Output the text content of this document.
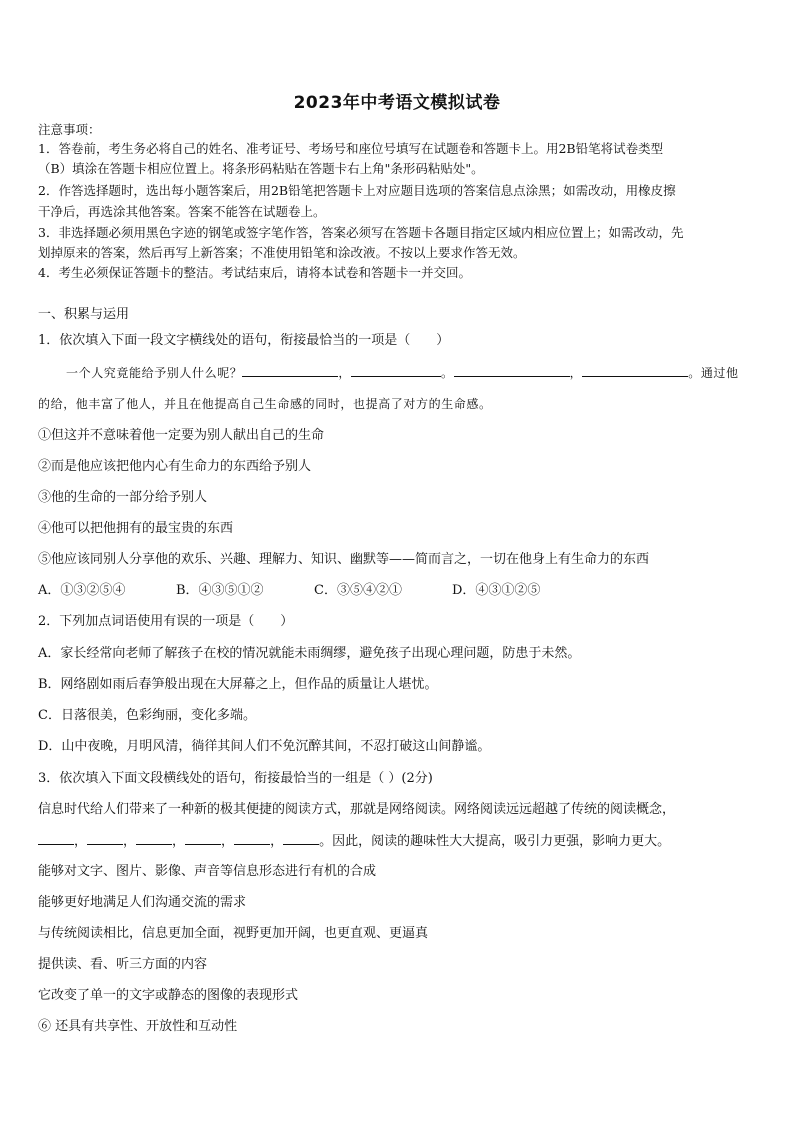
2023年中考语文模拟试卷
注意事项：
1．答卷前，考生务必将自己的姓名、准考证号、考场号和座位号填写在试题卷和答题卡上。用2B铅笔将试卷类型
（B）填涂在答题卡相应位置上。将条形码粘贴在答题卡右上角"条形码粘贴处"。
2．作答选择题时，选出每小题答案后，用2B铅笔把答题卡上对应题目选项的答案信息点涂黑；如需改动，用橡皮擦
干净后，再选涂其他答案。答案不能答在试题卷上。
3．非选择题必须用黑色字迹的钢笔或签字笔作答，答案必须写在答题卡各题目指定区域内相应位置上；如需改动，先
划掉原来的答案，然后再写上新答案；不准使用铅笔和涂改液。不按以上要求作答无效。
4．考生必须保证答题卡的整洁。考试结束后，请将本试卷和答题卡一并交回。
一、积累与运用
1．依次填入下面一段文字横线处的语句，衔接最恰当的一项是（　　）
一个人究竟能给予别人什么呢？	，	。	，	。通过他
的给，他丰富了他人，并且在他提高自己生命感的同时，也提高了对方的生命感。
①但这并不意味着他一定要为别人献出自己的生命
②而是他应该把他内心有生命力的东西给予别人
③他的生命的一部分给予别人
④他可以把他拥有的最宝贵的东西
⑤他应该同别人分享他的欢乐、兴趣、理解力、知识、幽默等——简而言之，一切在他身上有生命力的东西
A．①③②⑤④	B．④③⑤①②	C．③⑤④②①	D．④③①②⑤
2．下列加点词语使用有误的一项是（　　）
A．家长经常向老师了解孩子在校的情况就能未雨绸缪，避免孩子出现心理问题，防患于未然。
B．网络剧如雨后春笋般出现在大屏幕之上，但作品的质量让人堪忧。
C．日落很美，色彩绚丽，变化多端。
D．山中夜晚，月明风清，徜徉其间人们不免沉醉其间，不忍打破这山间静谧。
3．依次填入下面文段横线处的语句，衔接最恰当的一组是（ ）(2分)
信息时代给人们带来了一种新的极其便捷的阅读方式，那就是网络阅读。网络阅读远远超越了传统的阅读概念，
，	，	，	，	，	。因此，阅读的趣味性大大提高，吸引力更强，影响力更大。
能够对文字、图片、影像、声音等信息形态进行有机的合成
能够更好地满足人们沟通交流的需求
与传统阅读相比，信息更加全面，视野更加开阔，也更直观、更逼真
提供读、看、听三方面的内容
它改变了单一的文字或静态的图像的表现形式
⑥ 还具有共享性、开放性和互动性
